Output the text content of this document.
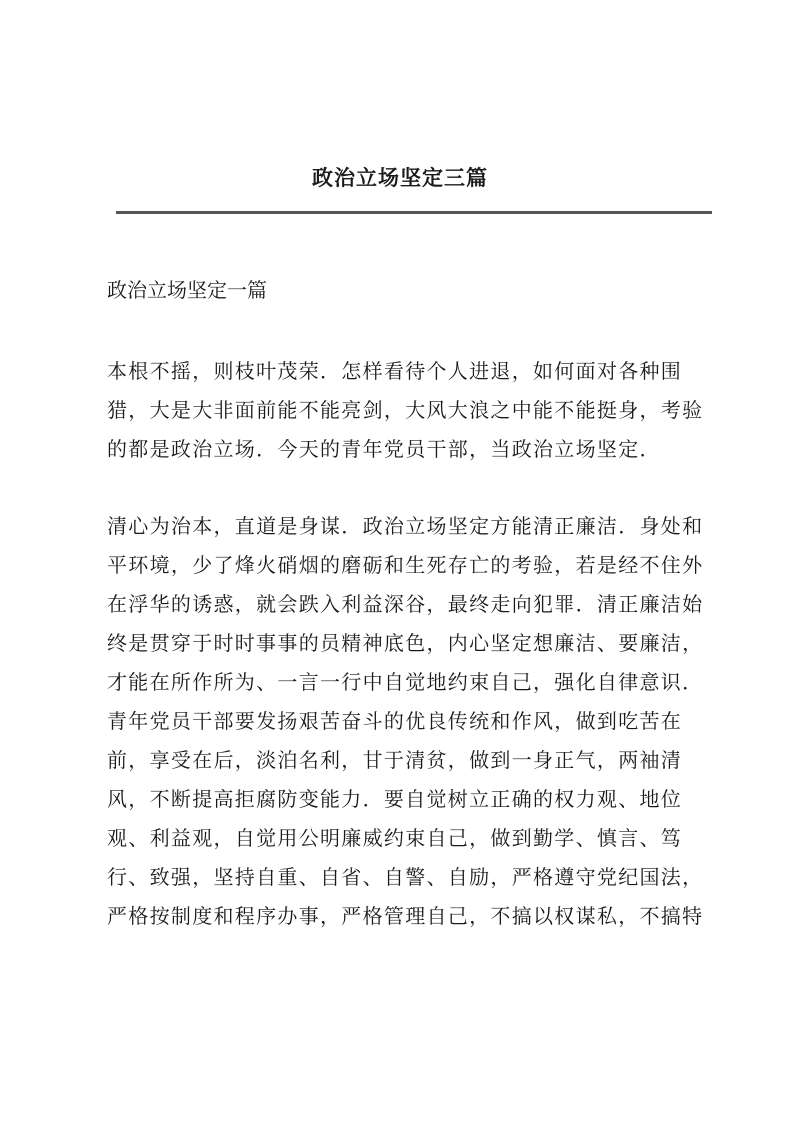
政治立场坚定三篇
政治立场坚定一篇

本根不摇，则枝叶茂荣．怎样看待个人进退，如何面对各种围
猎，大是大非面前能不能亮剑，大风大浪之中能不能挺身，考验
的都是政治立场．今天的青年党员干部，当政治立场坚定．

清心为治本，直道是身谋．政治立场坚定方能清正廉洁．身处和
平环境，少了烽火硝烟的磨砺和生死存亡的考验，若是经不住外
在浮华的诱惑，就会跌入利益深谷，最终走向犯罪．清正廉洁始
终是贯穿于时时事事的员精神底色，内心坚定想廉洁、要廉洁，
才能在所作所为、一言一行中自觉地约束自己，强化自律意识．
青年党员干部要发扬艰苦奋斗的优良传统和作风，做到吃苦在
前，享受在后，淡泊名利，甘于清贫，做到一身正气，两袖清
风，不断提高拒腐防变能力．要自觉树立正确的权力观、地位
观、利益观，自觉用公明廉威约束自己，做到勤学、慎言、笃
行、致强，坚持自重、自省、自警、自励，严格遵守党纪国法，
严格按制度和程序办事，严格管理自己，不搞以权谋私，不搞特
